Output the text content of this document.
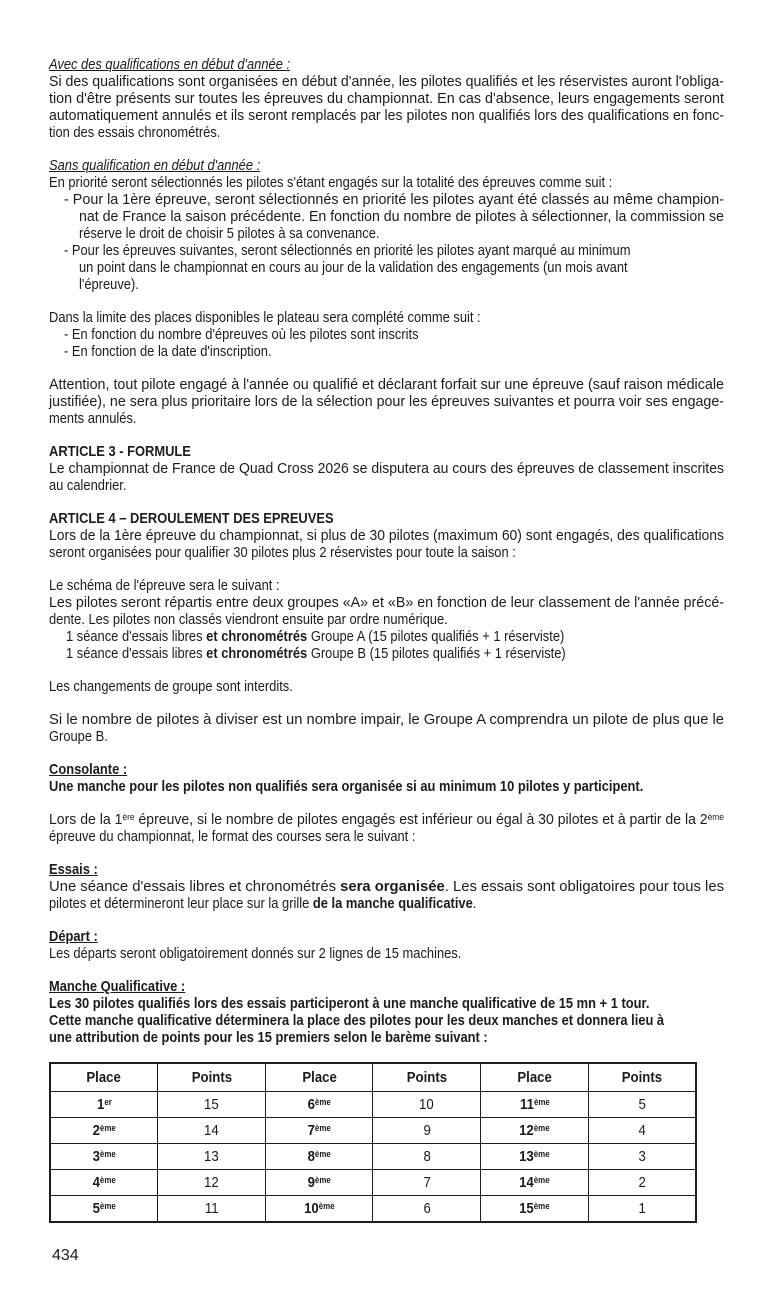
Avec des qualifications en début d'année :
Si des qualifications sont organisées en début d'année, les pilotes qualifiés et les réservistes auront l'obliga-
tion d'être présents sur toutes les épreuves du championnat. En cas d'absence, leurs engagements seront
automatiquement annulés et ils seront remplacés par les pilotes non qualifiés lors des qualifications en fonc-
tion des essais chronométrés.
Sans qualification en début d'année :
En priorité seront sélectionnés les pilotes s'étant engagés sur la totalité des épreuves comme suit :
- Pour la 1ère épreuve, seront sélectionnés en priorité les pilotes ayant été classés au même champion-
nat de France la saison précédente. En fonction du nombre de pilotes à sélectionner, la commission se
réserve le droit de choisir 5 pilotes à sa convenance.
- Pour les épreuves suivantes, seront sélectionnés en priorité les pilotes ayant marqué au minimum
un point dans le championnat en cours au jour de la validation des engagements (un mois avant
l'épreuve).
Dans la limite des places disponibles le plateau sera complété comme suit :
- En fonction du nombre d'épreuves où les pilotes sont inscrits
- En fonction de la date d'inscription.
Attention, tout pilote engagé à l'année ou qualifié et déclarant forfait sur une épreuve (sauf raison médicale
justifiée), ne sera plus prioritaire lors de la sélection pour les épreuves suivantes et pourra voir ses engage-
ments annulés.
ARTICLE 3 - FORMULE
Le championnat de France de Quad Cross 2026 se disputera au cours des épreuves de classement inscrites
au calendrier.
ARTICLE 4 – DEROULEMENT DES EPREUVES
Lors de la 1ère épreuve du championnat, si plus de 30 pilotes (maximum 60) sont engagés, des qualifications
seront organisées pour qualifier 30 pilotes plus 2 réservistes pour toute la saison :
Le schéma de l'épreuve sera le suivant :
Les pilotes seront répartis entre deux groupes «A» et «B» en fonction de leur classement de l'année précé-
dente. Les pilotes non classés viendront ensuite par ordre numérique.
1 séance d'essais libres et chronométrés Groupe A (15 pilotes qualifiés + 1 réserviste)
1 séance d'essais libres et chronométrés Groupe B (15 pilotes qualifiés + 1 réserviste)
Les changements de groupe sont interdits.
Si le nombre de pilotes à diviser est un nombre impair, le Groupe A comprendra un pilote de plus que le
Groupe B.
Consolante :
Une manche pour les pilotes non qualifiés sera organisée si au minimum 10 pilotes y participent.
Lors de la 1ère épreuve, si le nombre de pilotes engagés est inférieur ou égal à 30 pilotes et à partir de la 2ème
épreuve du championnat, le format des courses sera le suivant :
Essais :
Une séance d'essais libres et chronométrés sera organisée. Les essais sont obligatoires pour tous les
pilotes et détermineront leur place sur la grille de la manche qualificative.
Départ :
Les départs seront obligatoirement donnés sur 2 lignes de 15 machines.
Manche Qualificative :
Les 30 pilotes qualifiés lors des essais participeront à une manche qualificative de 15 mn + 1 tour.
Cette manche qualificative déterminera la place des pilotes pour les deux manches et donnera lieu à
une attribution de points pour les 15 premiers selon le barème suivant :
Place	Points	Place	Points	Place	Points
1er	15	6ème	10	11ème	5
2ème	14	7ème	9	12ème	4
3ème	13	8ème	8	13ème	3
4ème	12	9ème	7	14ème	2
5ème	11	10ème	6	15ème	1
434
